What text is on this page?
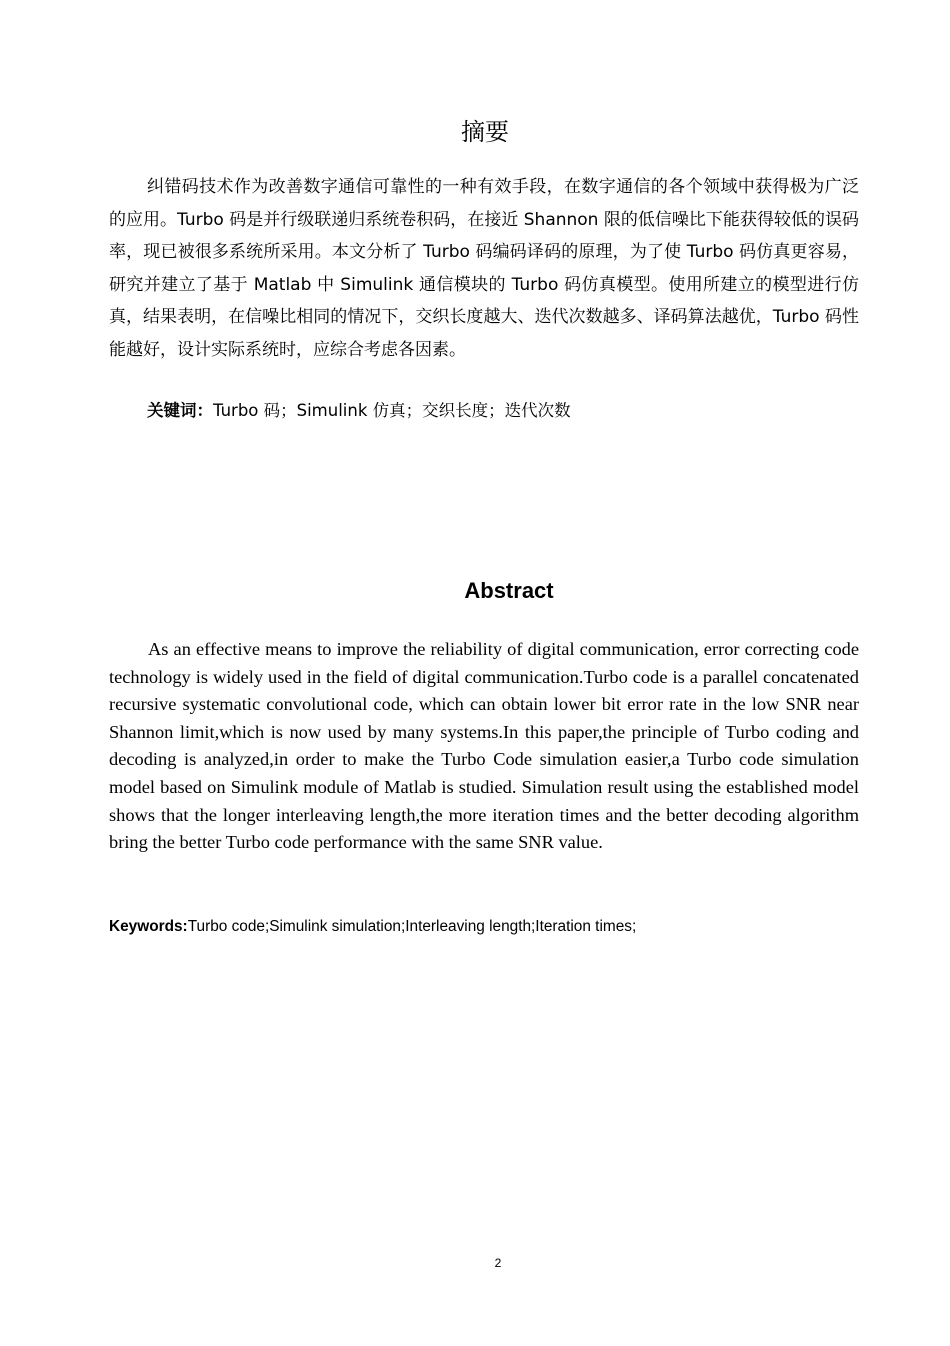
摘要

纠错码技术作为改善数字通信可靠性的一种有效手段，在数字通信的各个领域中获得极为广泛的应用。Turbo 码是并行级联递归系统卷积码，在接近 Shannon 限的低信噪比下能获得较低的误码率，现已被很多系统所采用。本文分析了 Turbo 码编码译码的原理，为了使 Turbo 码仿真更容易，研究并建立了基于 Matlab 中 Simulink 通信模块的 Turbo 码仿真模型。使用所建立的模型进行仿真，结果表明，在信噪比相同的情况下，交织长度越大、迭代次数越多、译码算法越优，Turbo 码性能越好，设计实际系统时，应综合考虑各因素。

关键词：Turbo 码；Simulink 仿真；交织长度；迭代次数

Abstract

As an effective means to improve the reliability of digital communication, error correcting code technology is widely used in the field of digital communication.Turbo code is a parallel concatenated recursive systematic convolutional code, which can obtain lower bit error rate in the low SNR near Shannon limit,which is now used by many systems.In this paper,the principle of Turbo coding and decoding is analyzed,in order to make the Turbo Code simulation easier,a Turbo code simulation model based on Simulink module of Matlab is studied. Simulation result using the established model shows that the longer interleaving length,the more iteration times and the better decoding algorithm bring the better Turbo code performance with the same SNR value.

Keywords:Turbo code;Simulink simulation;Interleaving length;Iteration times;

2
